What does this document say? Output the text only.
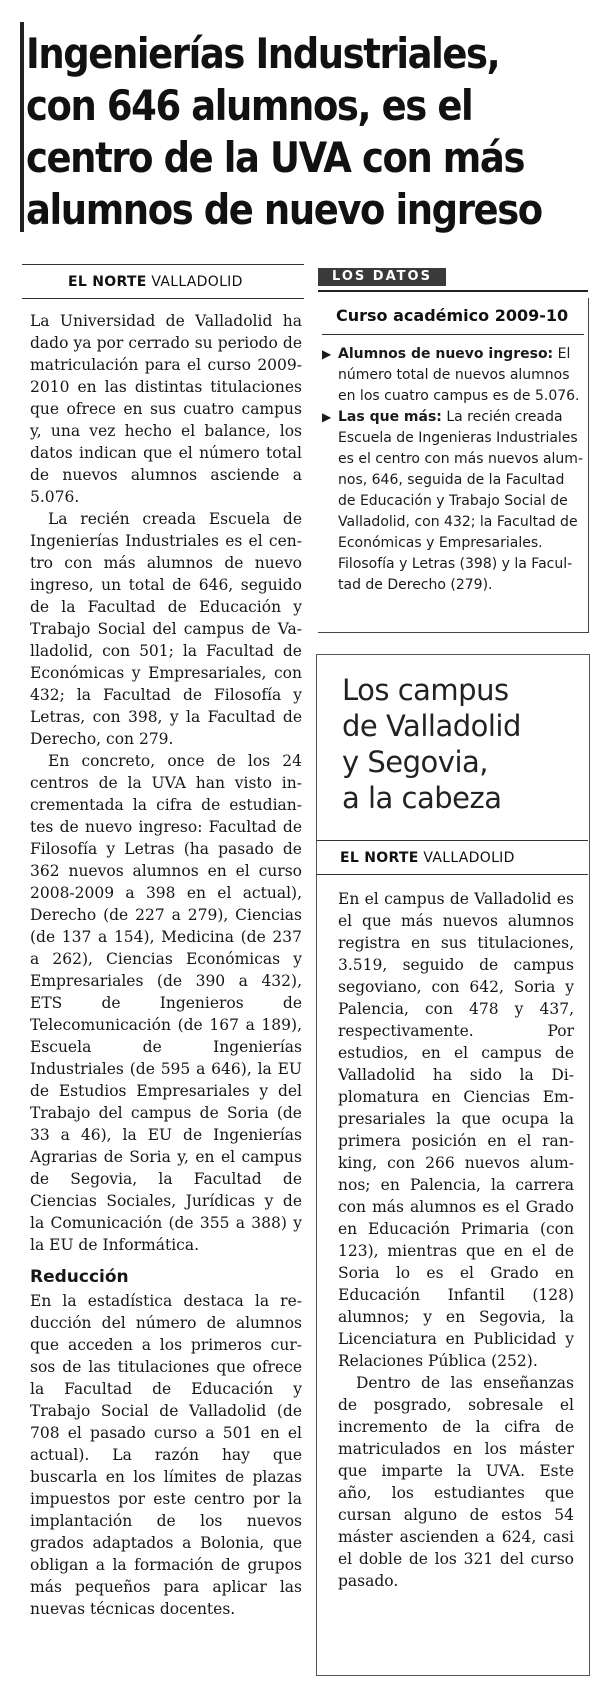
Ingenierías Industriales,
con 646 alumnos, es el
centro de la UVA con más
alumnos de nuevo ingreso
EL NORTE VALLADOLID

La Universidad de Valladolid ha dado ya por cerrado su periodo de matriculación para el curso 2009-2010 en las distintas titulaciones que ofrece en sus cuatro campus y, una vez hecho el balance, los datos indican que el número total de nuevos alumnos asciende a 5.076.

La recién creada Escuela de Ingenierías Industriales es el centro con más alumnos de nuevo ingreso, un total de 646, seguido de la Facultad de Educación y Trabajo Social del campus de Valladolid, con 501; la Facultad de Económicas y Empresariales, con 432; la Facultad de Filosofía y Letras, con 398, y la Facultad de Derecho, con 279.

En concreto, once de los 24 centros de la UVA han visto incrementada la cifra de estudiantes de nuevo ingreso: Facultad de Filosofía y Letras (ha pasado de 362 nuevos alumnos en el curso 2008-2009 a 398 en el actual), Derecho (de 227 a 279), Ciencias (de 137 a 154), Medicina (de 237 a 262), Ciencias Económicas y Empresariales (de 390 a 432), ETS de Ingenieros de Telecomunicación (de 167 a 189), Escuela de Ingenierías Industriales (de 595 a 646), la EU de Estudios Empresariales y del Trabajo del campus de Soria (de 33 a 46), la EU de Ingenierías Agrarias de Soria y, en el campus de Segovia, la Facultad de Ciencias Sociales, Jurídicas y de la Comunicación (de 355 a 388) y la EU de Informática.

Reducción

En la estadística destaca la reducción del número de alumnos que acceden a los primeros cursos de las titulaciones que ofrece la Facultad de Educación y Trabajo Social de Valladolid (de 708 el pasado curso a 501 en el actual). La razón hay que buscarla en los límites de plazas impuestos por este centro por la implantación de los nuevos grados adaptados a Bolonia, que obligan a la formación de grupos más pequeños para aplicar las nuevas técnicas docentes.

LOS DATOS
Curso académico 2009-10

▶ Alumnos de nuevo ingreso: El número total de nuevos alumnos en los cuatro campus es de 5.076.

▶ Las que más: La recién creada Escuela de Ingenieras Industriales es el centro con más nuevos alumnos, 646, seguida de la Facultad de Educación y Trabajo Social de Valladolid, con 432; la Facultad de Económicas y Empresariales. Filosofía y Letras (398) y la Facultad de Derecho (279).

Los campus
de Valladolid
y Segovia,
a la cabeza
EL NORTE VALLADOLID

En el campus de Valladolid es el que más nuevos alumnos registra en sus titulaciones, 3.519, seguido de campus segoviano, con 642, Soria y Palencia, con 478 y 437, respectivamente. Por estudios, en el campus de Valladolid ha sido la Diplomatura en Ciencias Empresariales la que ocupa la primera posición en el ranking, con 266 nuevos alumnos; en Palencia, la carrera con más alumnos es el Grado en Educación Primaria (con 123), mientras que en el de Soria lo es el Grado en Educación Infantil (128) alumnos; y en Segovia, la Licenciatura en Publicidad y Relaciones Pública (252).

Dentro de las enseñanzas de posgrado, sobresale el incremento de la cifra de matriculados en los máster que imparte la UVA. Este año, los estudiantes que cursan alguno de estos 54 máster ascienden a 624, casi el doble de los 321 del curso pasado.
